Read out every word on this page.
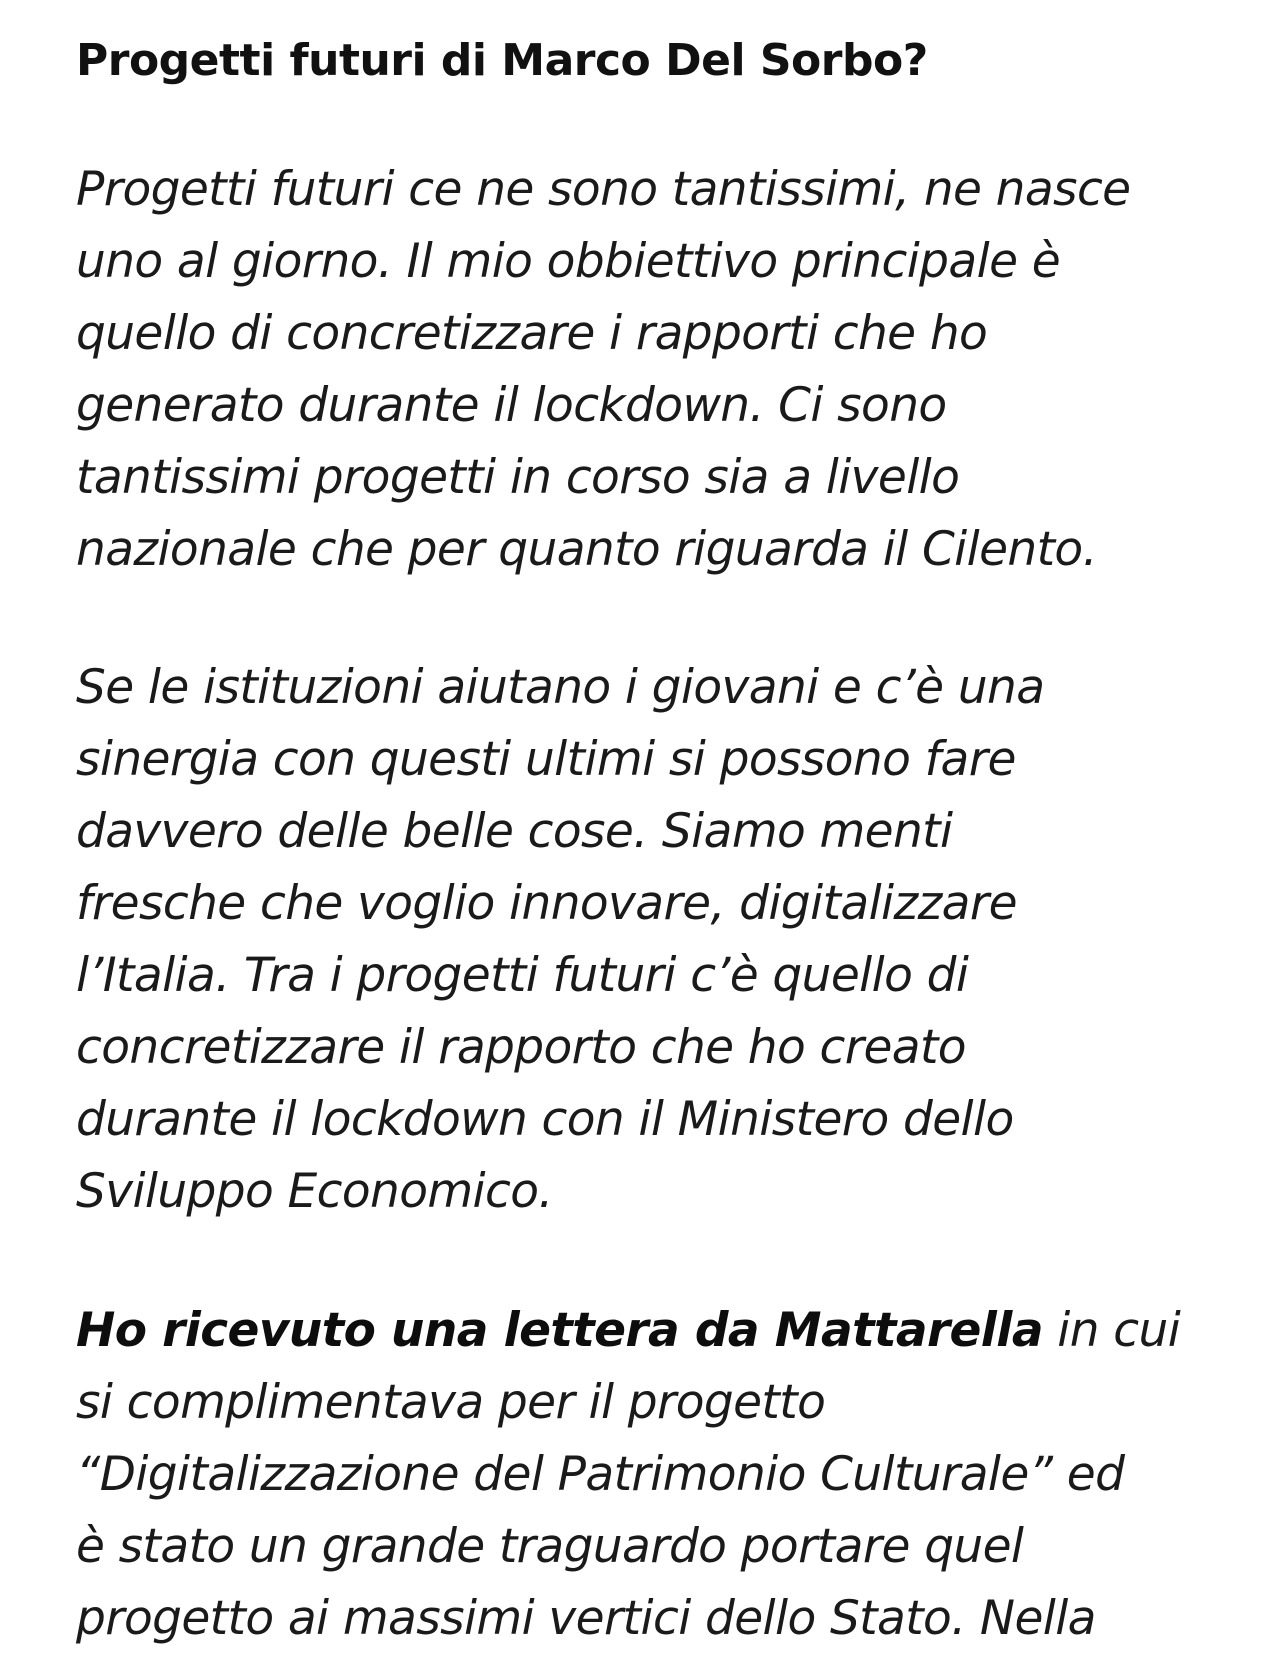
Progetti futuri di Marco Del Sorbo?

Progetti futuri ce ne sono tantissimi, ne nasce
uno al giorno. Il mio obbiettivo principale è
quello di concretizzare i rapporti che ho
generato durante il lockdown. Ci sono
tantissimi progetti in corso sia a livello
nazionale che per quanto riguarda il Cilento.

Se le istituzioni aiutano i giovani e c’è una
sinergia con questi ultimi si possono fare
davvero delle belle cose. Siamo menti
fresche che voglio innovare, digitalizzare
l’Italia. Tra i progetti futuri c’è quello di
concretizzare il rapporto che ho creato
durante il lockdown con il Ministero dello
Sviluppo Economico.

Ho ricevuto una lettera da Mattarella in cui
si complimentava per il progetto
“Digitalizzazione del Patrimonio Culturale” ed
è stato un grande traguardo portare quel
progetto ai massimi vertici dello Stato. Nella
